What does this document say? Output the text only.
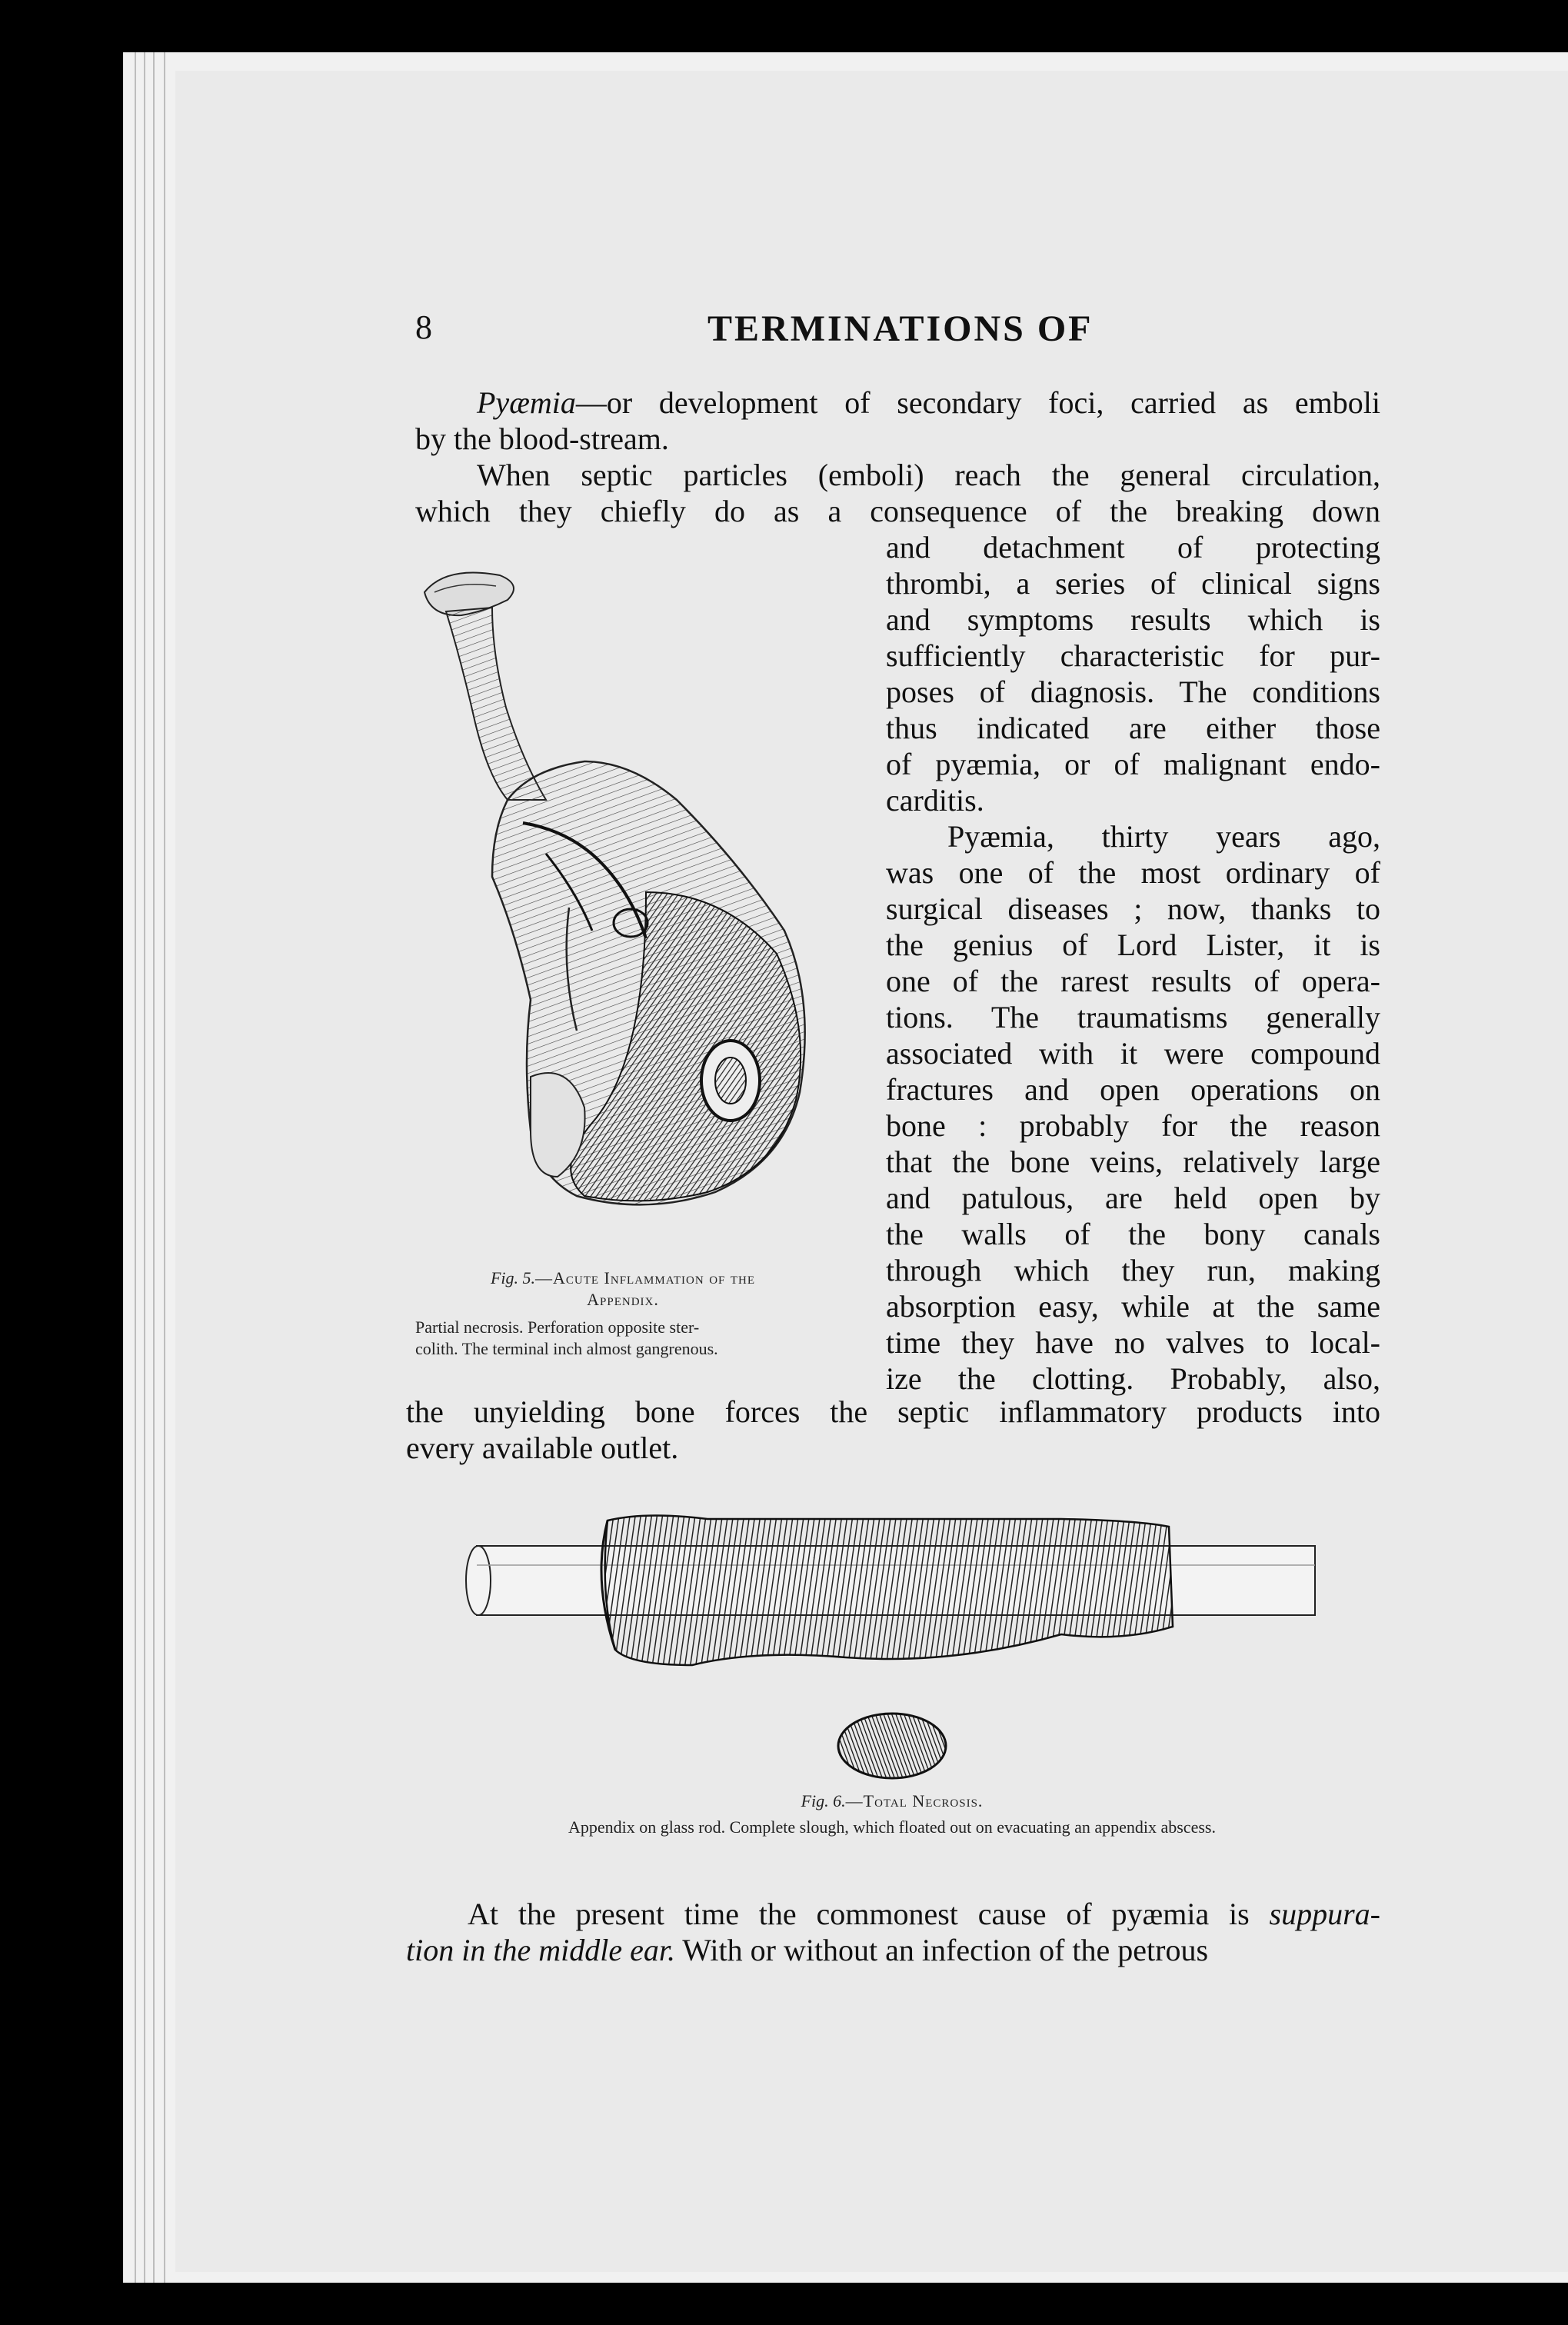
8	TERMINATIONS OF
Pyæmia—or development of secondary foci, carried as emboli
by the blood-stream.
When septic particles (emboli) reach the general circulation,
which they chiefly do as a consequence of the breaking down
and detachment of protecting
thrombi, a series of clinical signs
and symptoms results which is
sufficiently characteristic for pur-
poses of diagnosis. The conditions
thus indicated are either those
of pyæmia, or of malignant endo-
carditis.
Pyæmia, thirty years ago,
was one of the most ordinary of
surgical diseases ; now, thanks to
the genius of Lord Lister, it is
one of the rarest results of opera-
tions. The traumatisms generally
associated with it were compound
fractures and open operations on
bone : probably for the reason
that the bone veins, relatively large
and patulous, are held open by
the walls of the bony canals
through which they run, making
absorption easy, while at the same
time they have no valves to local-
ize the clotting. Probably, also,
the unyielding bone forces the septic inflammatory products into
every available outlet.
Fig. 5.—Acute Inflammation of the
Appendix.
Partial necrosis. Perforation opposite ster-
colith. The terminal inch almost gangrenous.
Fig. 6.—Total Necrosis.
Appendix on glass rod. Complete slough, which floated out on evacuating an appendix abscess.
At the present time the commonest cause of pyæmia is suppura-
tion in the middle ear. With or without an infection of the petrous
